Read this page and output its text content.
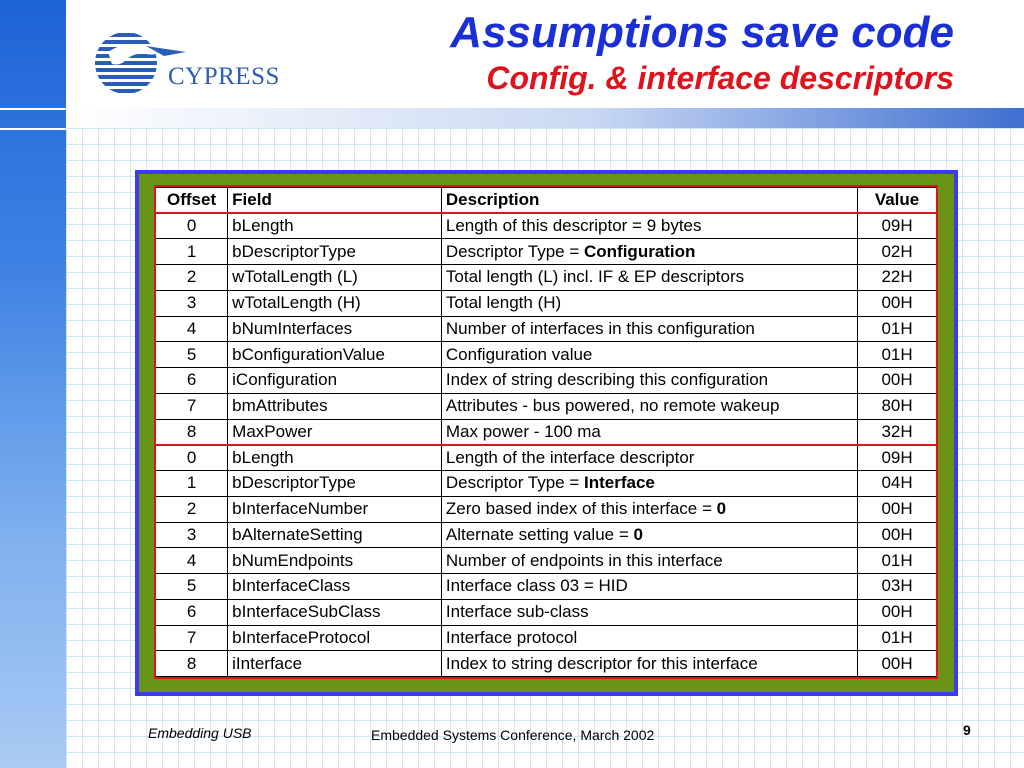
CYPRESS
Assumptions save code
Config. & interface descriptors
Offset	Field	Description	Value
0	bLength	Length of this descriptor = 9 bytes	09H
1	bDescriptorType	Descriptor Type = Configuration	02H
2	wTotalLength (L)	Total length (L) incl. IF & EP descriptors	22H
3	wTotalLength (H)	Total length (H)	00H
4	bNumInterfaces	Number of interfaces in this configuration	01H
5	bConfigurationValue	Configuration value	01H
6	iConfiguration	Index of string describing this configuration	00H
7	bmAttributes	Attributes - bus powered, no remote wakeup	80H
8	MaxPower	Max power - 100 ma	32H
0	bLength	Length of the interface descriptor	09H
1	bDescriptorType	Descriptor Type = Interface	04H
2	bInterfaceNumber	Zero based index of this interface = 0	00H
3	bAlternateSetting	Alternate setting value = 0	00H
4	bNumEndpoints	Number of endpoints in this interface	01H
5	bInterfaceClass	Interface class 03 = HID	03H
6	bInterfaceSubClass	Interface sub-class	00H
7	bInterfaceProtocol	Interface protocol	01H
8	iInterface	Index to string descriptor for this interface	00H
Embedding USB	Embedded Systems Conference, March 2002	9
